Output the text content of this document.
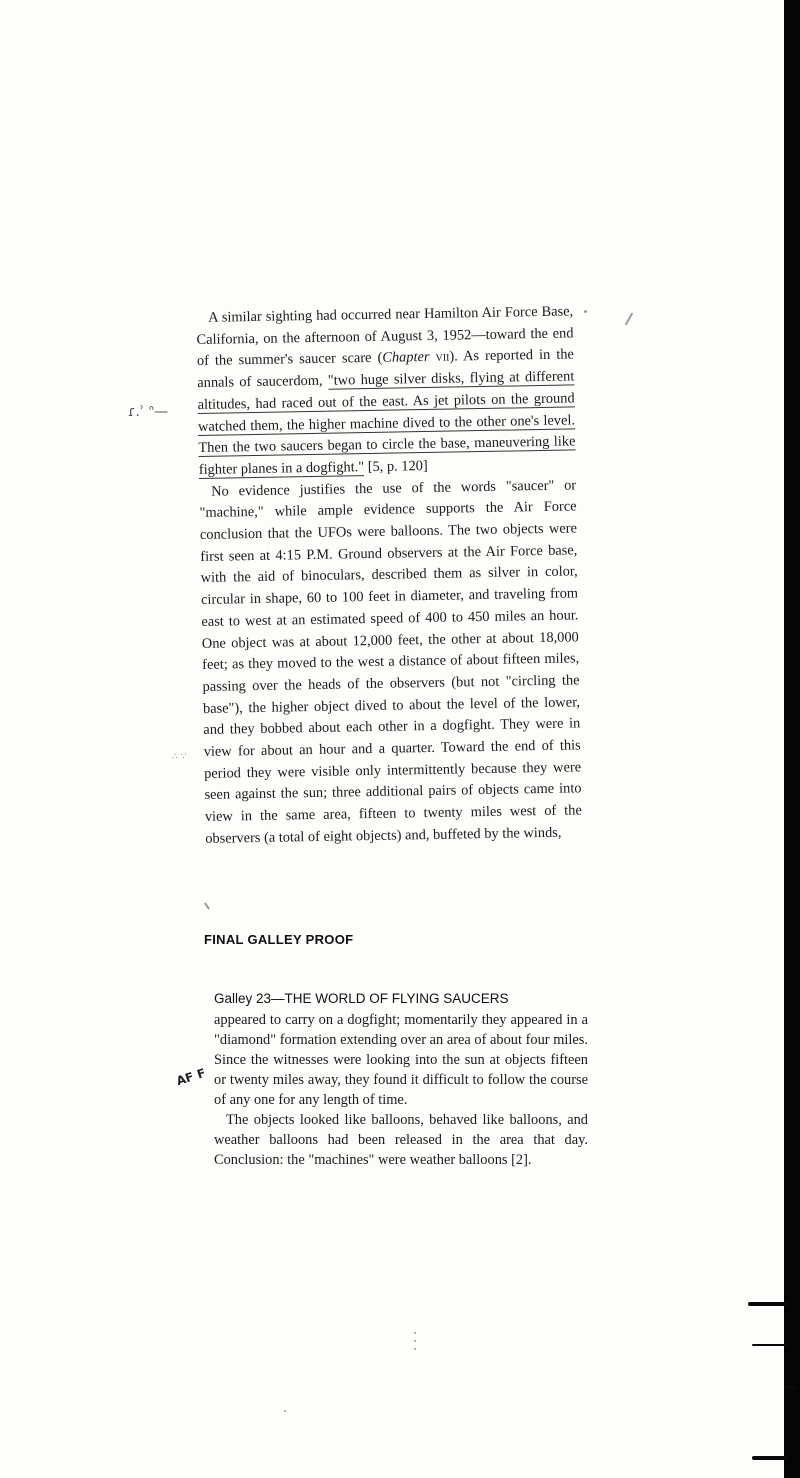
ɾ.ʾ ᐢ—
AF F
∴ ∵

A similar sighting had occurred near Hamilton Air Force Base, California, on the afternoon of August 3, 1952—toward the end of the summer's saucer scare (Chapter vii). As reported in the annals of saucerdom, "two huge silver disks, flying at different altitudes, had raced out of the east. As jet pilots on the ground watched them, the higher machine dived to the other one's level. Then the two saucers began to circle the base, maneuvering like fighter planes in a dogfight." [5, p. 120]

No evidence justifies the use of the words "saucer" or "machine," while ample evidence supports the Air Force conclusion that the UFOs were balloons. The two objects were first seen at 4:15 P.M. Ground observers at the Air Force base, with the aid of binoculars, described them as silver in color, circular in shape, 60 to 100 feet in diameter, and traveling from east to west at an estimated speed of 400 to 450 miles an hour. One object was at about 12,000 feet, the other at about 18,000 feet; as they moved to the west a distance of about fifteen miles, passing over the heads of the observers (but not "circling the base"), the higher object dived to about the level of the lower, and they bobbed about each other in a dogfight. They were in view for about an hour and a quarter. Toward the end of this period they were visible only intermittently because they were seen against the sun; three additional pairs of objects came into view in the same area, fifteen to twenty miles west of the observers (a total of eight objects) and, buffeted by the winds,

FINAL GALLEY PROOF
Galley 23—THE WORLD OF FLYING SAUCERS

appeared to carry on a dogfight; momentarily they appeared in a "diamond" formation extending over an area of about four miles. Since the witnesses were looking into the sun at objects fifteen or twenty miles away, they found it difficult to follow the course of any one for any length of time.

The objects looked like balloons, behaved like balloons, and weather balloons had been released in the area that day. Conclusion: the "machines" were weather balloons [2].
